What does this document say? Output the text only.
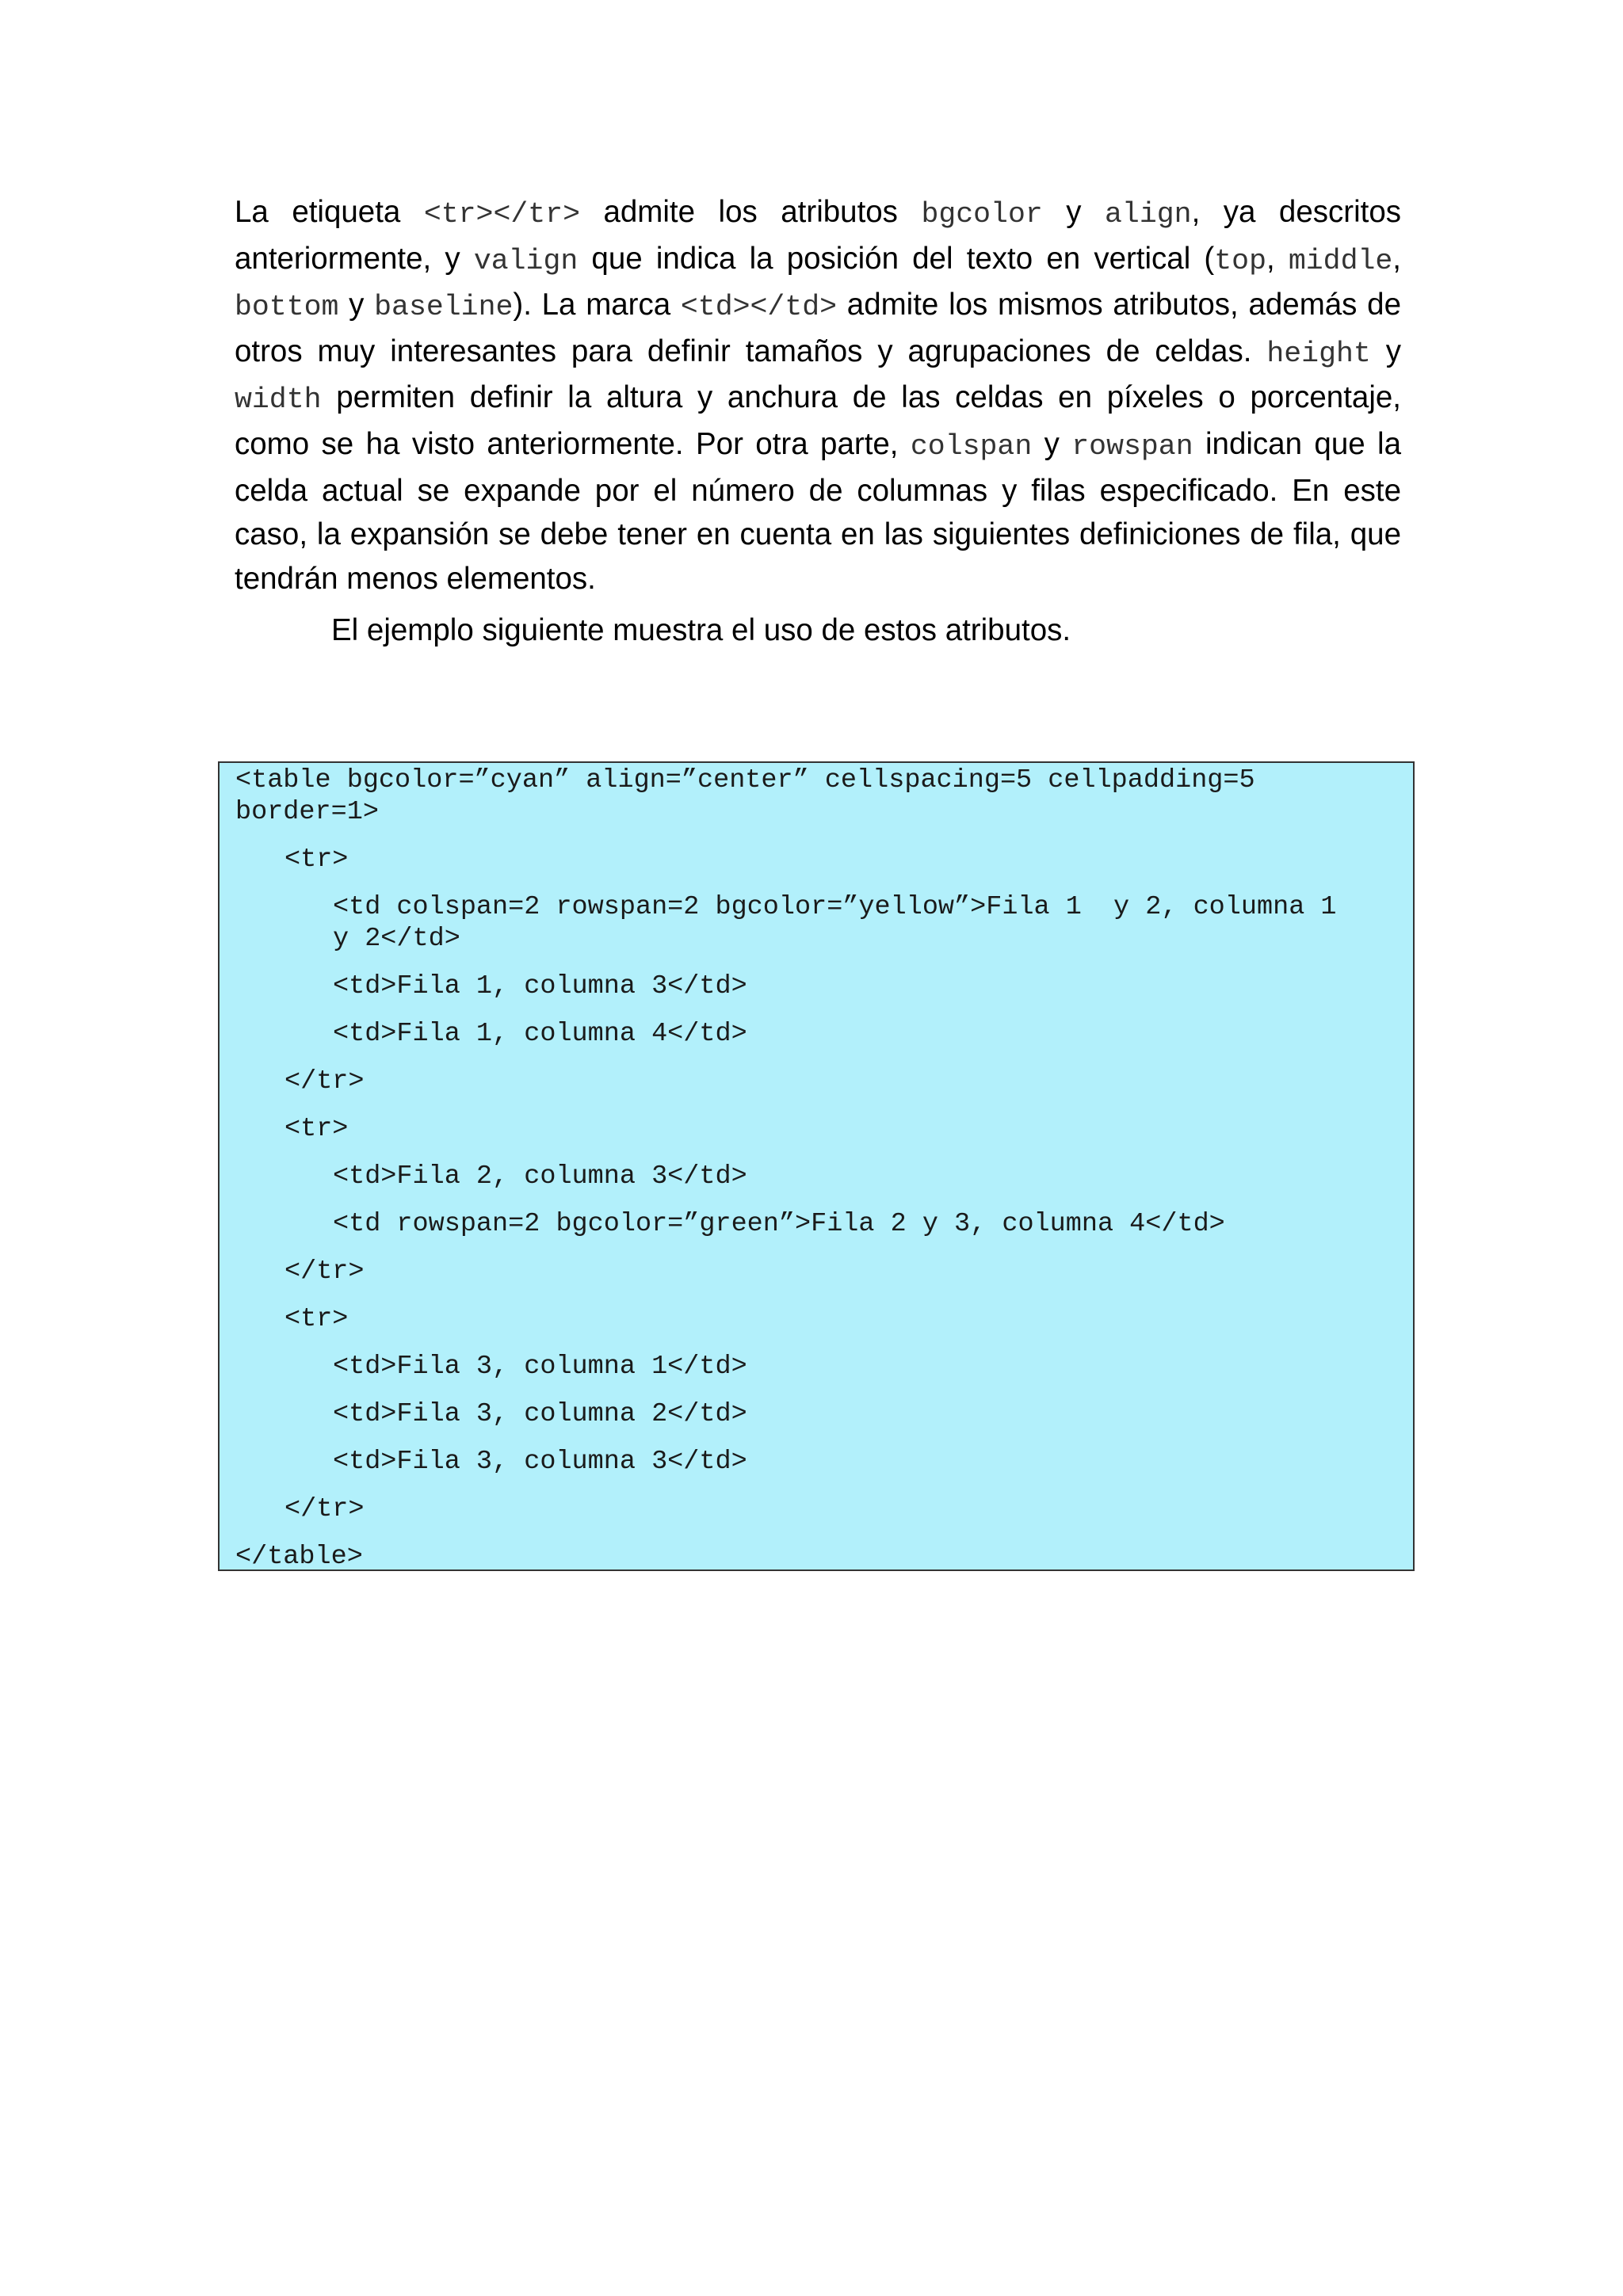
La etiqueta <tr></tr> admite los atributos bgcolor y align, ya descritos anteriormente, y valign que indica la posición del texto en vertical (top, middle, bottom y baseline). La marca <td></td> admite los mismos atributos, además de otros muy interesantes para definir tamaños y agrupaciones de celdas. height y width permiten definir la altura y anchura de las celdas en píxeles o porcentaje, como se ha visto anteriormente. Por otra parte, colspan y rowspan indican que la celda actual se expande por el número de columnas y filas especificado. En este caso, la expansión se debe tener en cuenta en las siguientes definiciones de fila, que tendrán menos elementos.

El ejemplo siguiente muestra el uso de estos atributos.

<table bgcolor=”cyan” align=”center” cellspacing=5 cellpadding=5

border=1>

<tr>

<td colspan=2 rowspan=2 bgcolor=”yellow”>Fila 1  y 2, columna 1

y 2</td>

<td>Fila 1, columna 3</td>

<td>Fila 1, columna 4</td>

</tr>

<tr>

<td>Fila 2, columna 3</td>

<td rowspan=2 bgcolor=”green”>Fila 2 y 3, columna 4</td>

</tr>

<tr>

<td>Fila 3, columna 1</td>

<td>Fila 3, columna 2</td>

<td>Fila 3, columna 3</td>

</tr>

</table>
